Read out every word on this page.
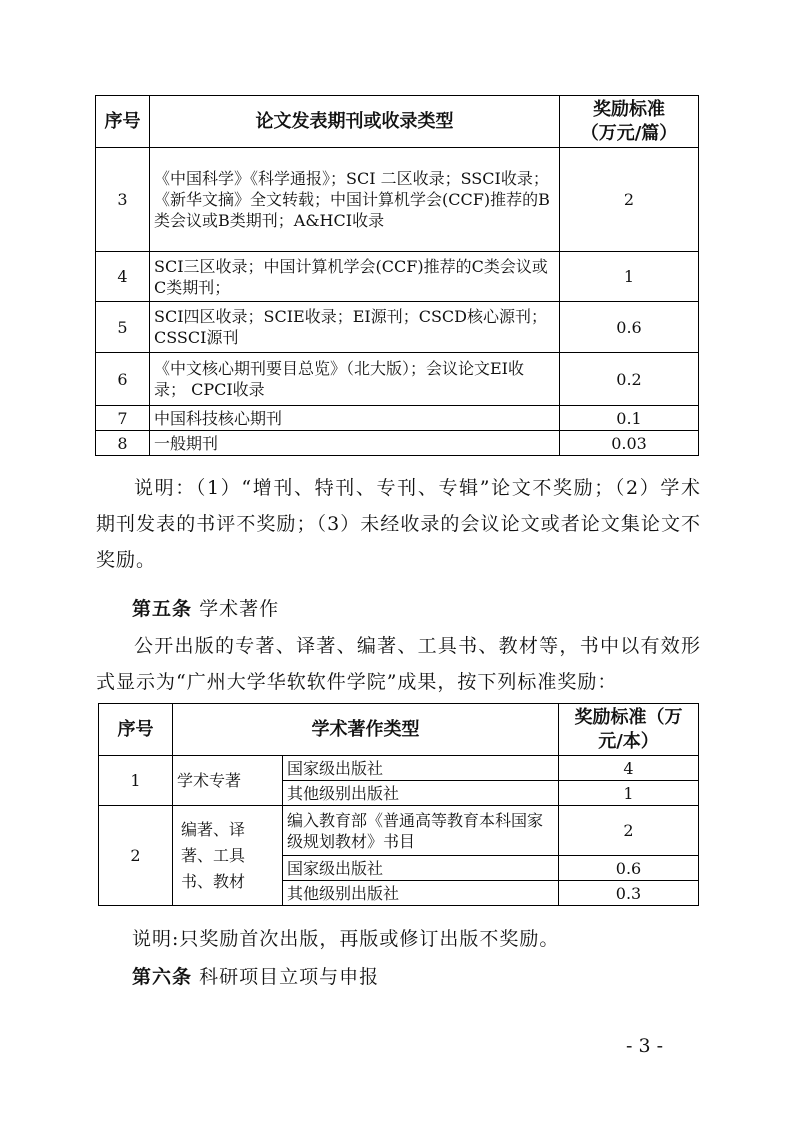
序号	论文发表期刊或收录类型	奖励标准
（万元/篇）
3	《中国科学》《科学通报》；SCI 二区收录；SSCI收录；《新华文摘》全文转载；中国计算机学会(CCF)推荐的B类会议或B类期刊；A&HCI收录	2
4	SCI三区收录；中国计算机学会(CCF)推荐的C类会议或C类期刊；	1
5	SCI四区收录；SCIE收录；EI源刊；CSCD核心源刊；CSSCI源刊	0.6
6	《中文核心期刊要目总览》（北大版）；会议论文EI收录； CPCI收录	0.2
7	中国科技核心期刊	0.1
8	一般期刊	0.03

说明：（1）“增刊、特刊、专刊、专辑”论文不奖励；（2）学术期刊发表的书评不奖励；（3）未经收录的会议论文或者论文集论文不奖励。

第五条 学术著作

公开出版的专著、译著、编著、工具书、教材等，书中以有效形式显示为“广州大学华软软件学院”成果，按下列标准奖励：

序号	学术著作类型		奖励标准（万元/本）
1	学术专著	国家级出版社	4
		其他级别出版社	1
2	编著、译著、工具书、教材	编入教育部《普通高等教育本科国家级规划教材》书目	2
		国家级出版社	0.6
		其他级别出版社	0.3

说明:只奖励首次出版，再版或修订出版不奖励。

第六条 科研项目立项与申报

- 3 -
